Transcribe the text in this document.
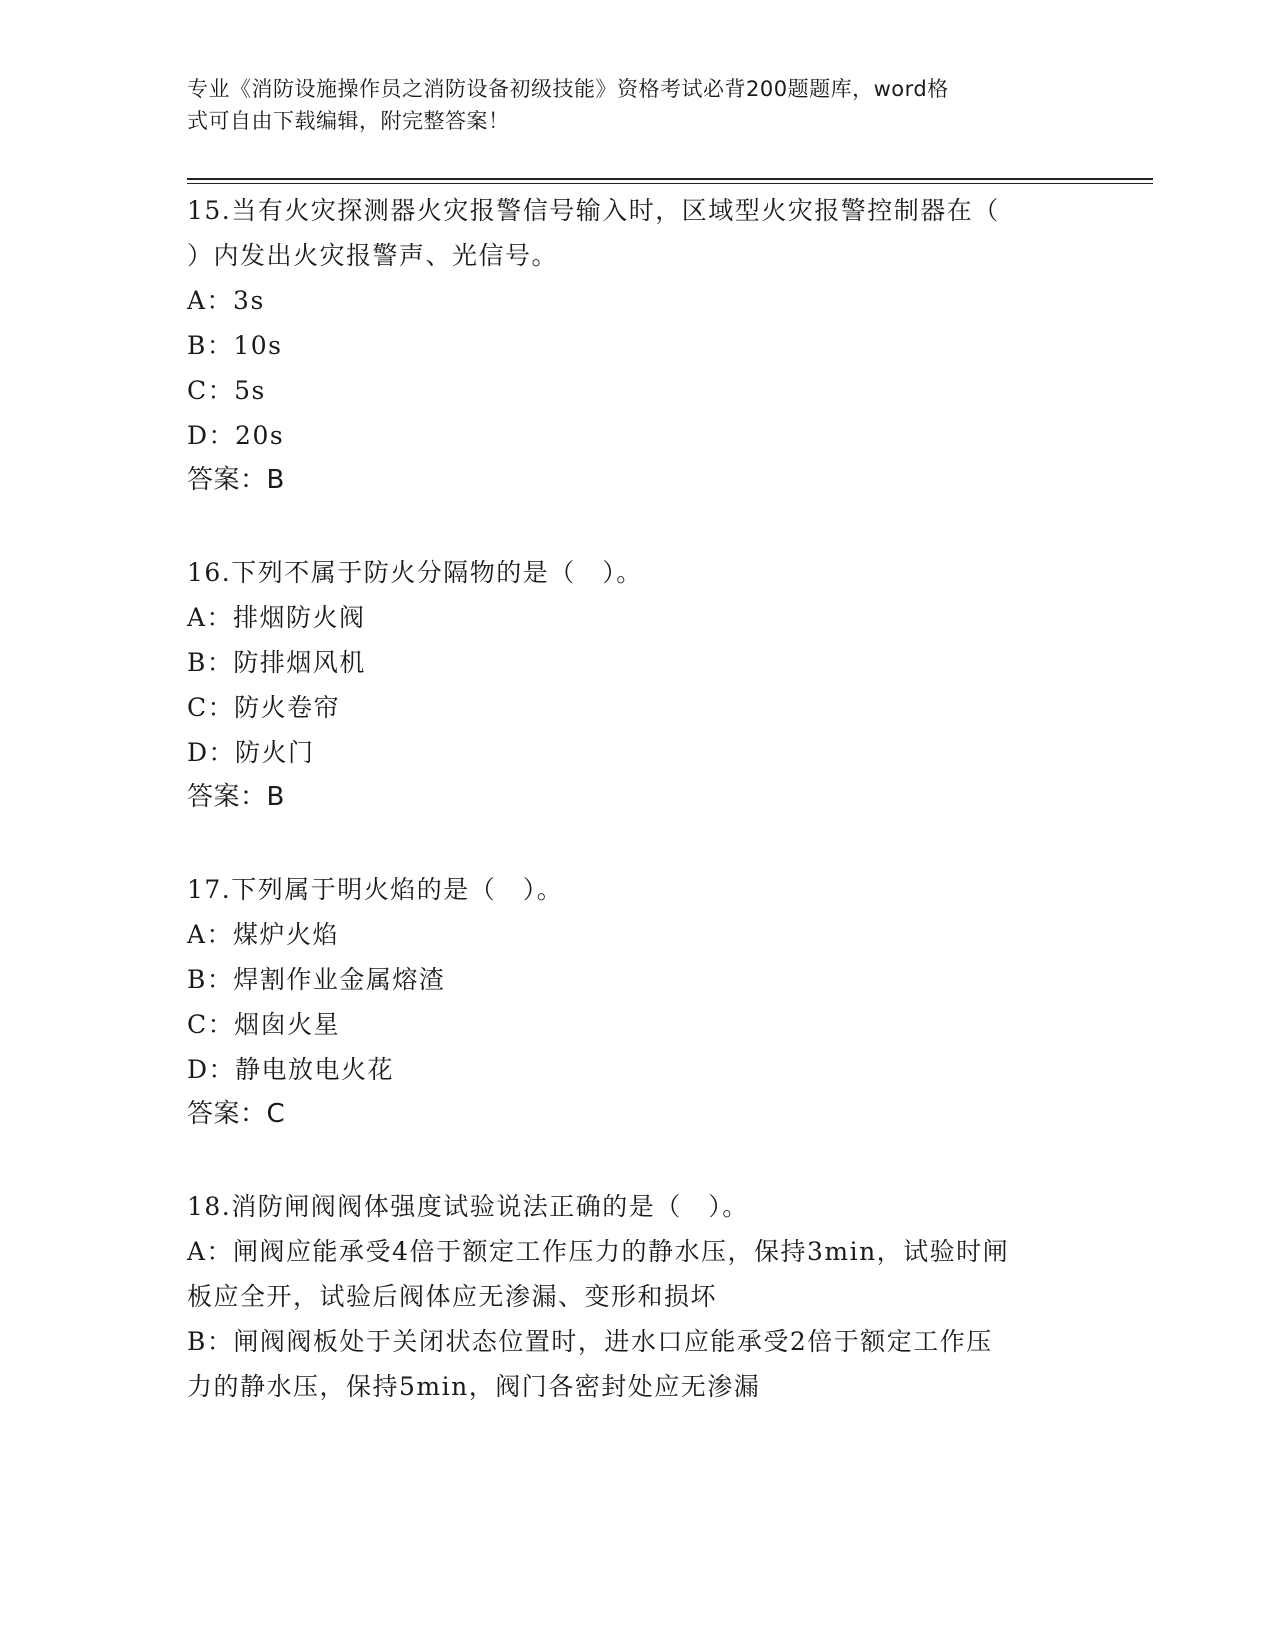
专业《消防设施操作员之消防设备初级技能》资格考试必背200题题库，word格
式可自由下载编辑，附完整答案！
15.当有火灾探测器火灾报警信号输入时，区域型火灾报警控制器在（
）内发出火灾报警声、光信号。
A：3s
B：10s
C：5s
D：20s
答案：B
16.下列不属于防火分隔物的是（　）。
A：排烟防火阀
B：防排烟风机
C：防火卷帘
D：防火门
答案：B
17.下列属于明火焰的是（　）。
A：煤炉火焰
B：焊割作业金属熔渣
C：烟囱火星
D：静电放电火花
答案：C
18.消防闸阀阀体强度试验说法正确的是（　）。
A：闸阀应能承受4倍于额定工作压力的静水压，保持3min，试验时闸
板应全开，试验后阀体应无渗漏、变形和损坏
B：闸阀阀板处于关闭状态位置时，进水口应能承受2倍于额定工作压
力的静水压，保持5min，阀门各密封处应无渗漏
